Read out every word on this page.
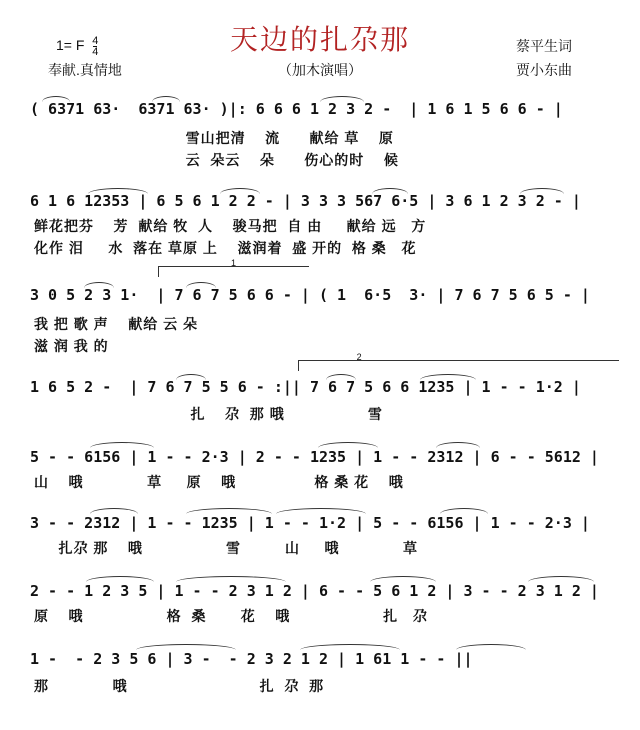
天边的扎尕那
1= F $\frac{4}{4}$	蔡平生词
贾小东曲
（加木演唱）
奉献.真情地
( 6371 63·  6371 63· )|: 6 6 6 1 2 3 2 -  | 1 6 1 5 6 6 - |
雪山把清    流      献给 草    原
云  朵云    朵      伤心的时    候
6 1 6 12353 | 6 5 6 1 2 2 - | 3 3 3 567 6·5 | 3 6 1 2 3 2 - |
鲜花把芬    芳  献给 牧  人    骏马把  自 由     献给 远   方
化作 泪     水  落在 草原 上    滋润着  盛 开的  格 桑   花
1
3 0 5 2 3 1·  | 7 6 7 5 6 6 - | ( 1  6·5  3· | 7 6 7 5 6 5 - |
我 把 歌 声    献给 云 朵
滋 润 我 的
2
1 6 5 2 -  | 7 6 7 5 5 6 - :|| 7 6 7 5 6 6 1235 | 1 - - 1·2 |
扎    尕  那 哦                 雪
5 - - 6156 | 1 - - 2·3 | 2 - - 1235 | 1 - - 2312 | 6 - - 5612 |
山    哦             草     原    哦                格 桑 花    哦
3 - - 2312 | 1 - - 1235 | 1 - - 1·2 | 5 - - 6156 | 1 - - 2·3 |
扎尕 那    哦                 雪         山     哦             草
2 - - 1 2 3 5 | 1 - - 2 3 1 2 | 6 - - 5 6 1 2 | 3 - - 2 3 1 2 |
原    哦                 格  桑       花    哦                   扎   尕
1 -  - 2 3 5 6 | 3 -  - 2 3 2 1 2 | 1 61 1 - - ||
那             哦                           扎  尕  那
